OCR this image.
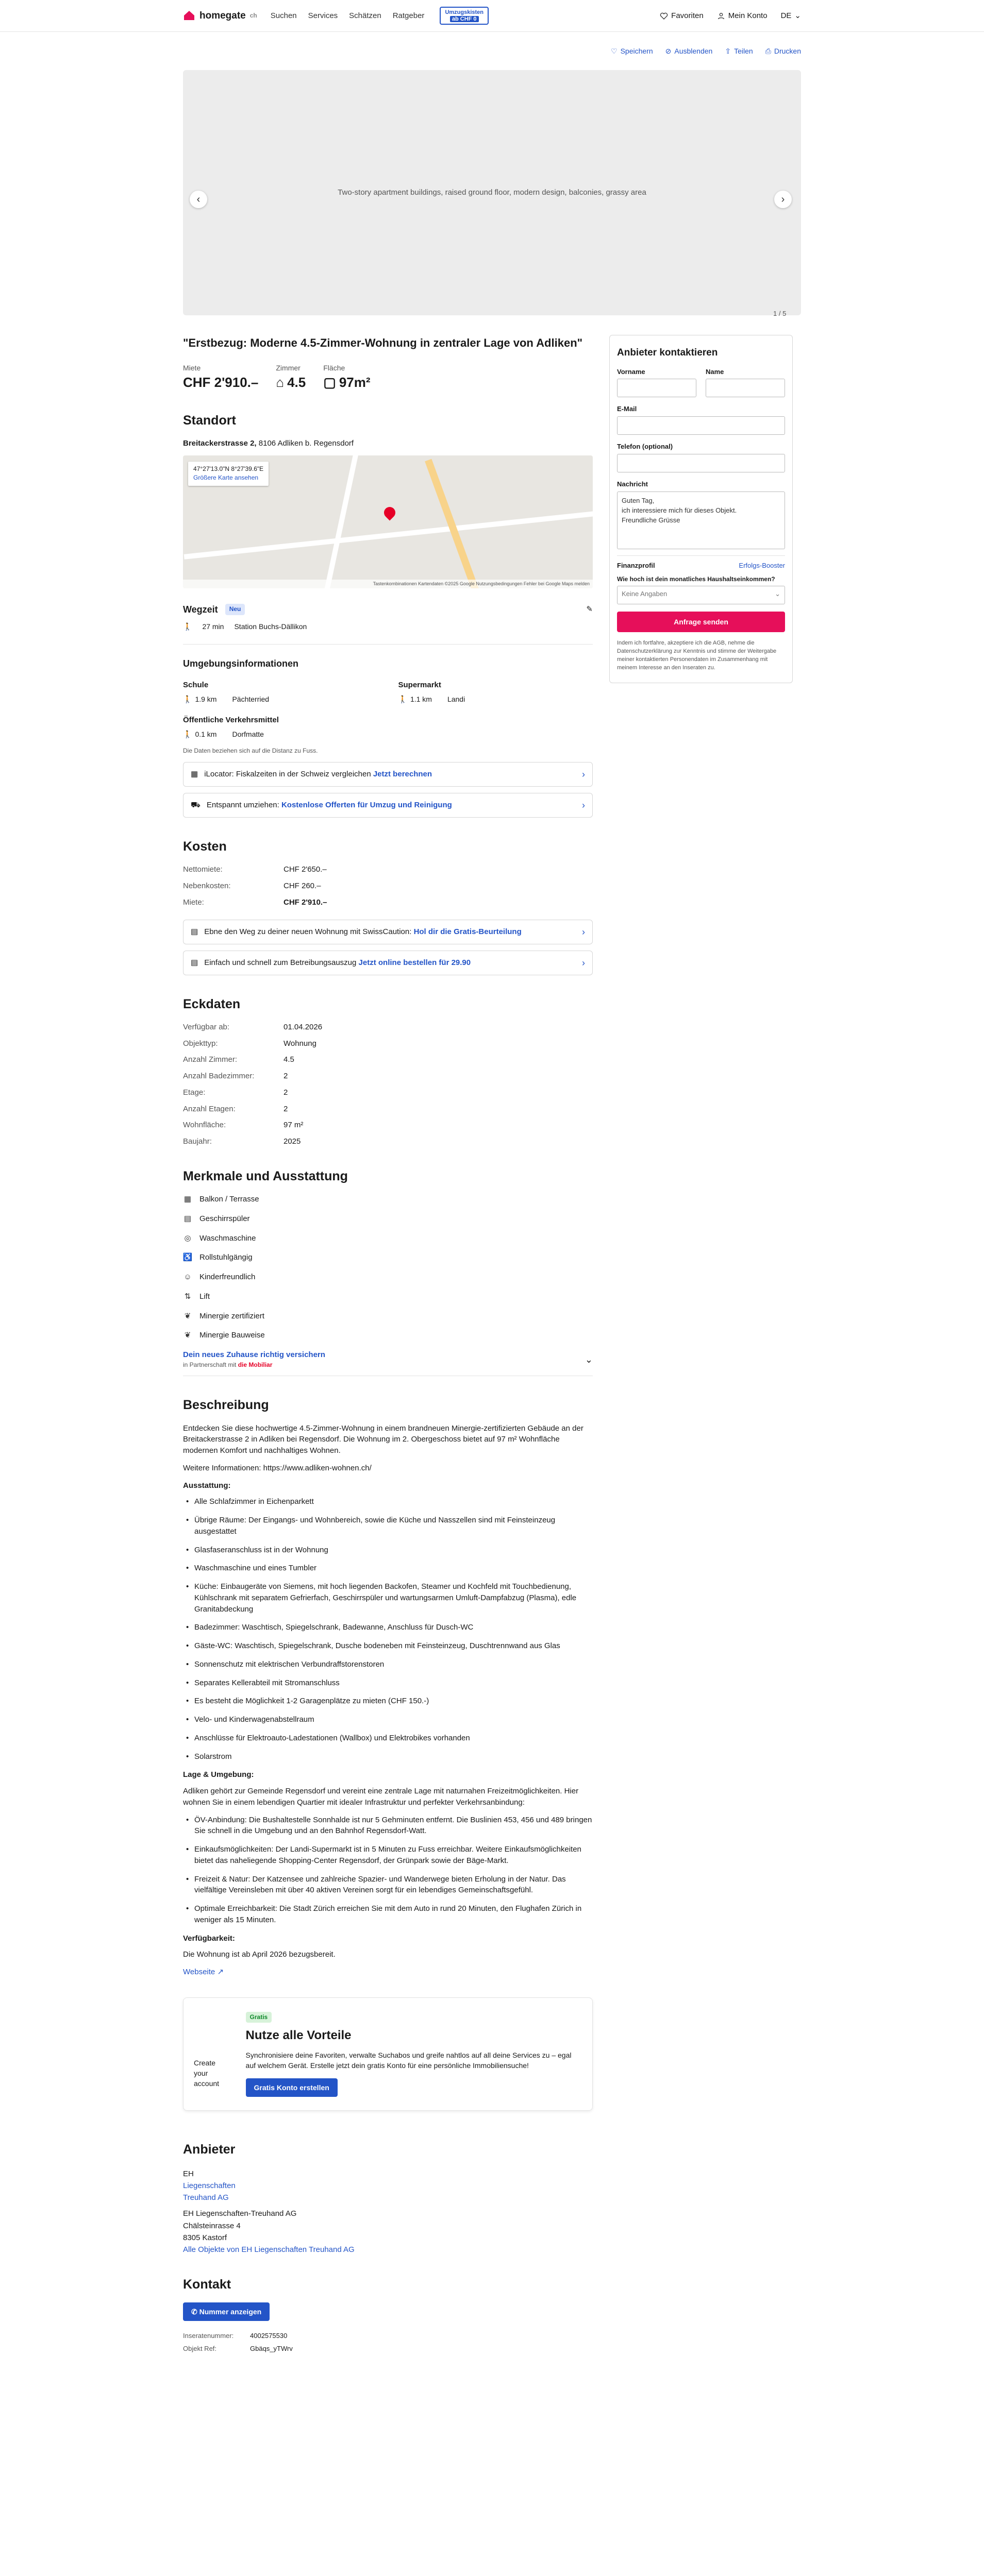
homegate ch Suchen Services Schätzen Ratgeber	Umzugskisten
ab CHF 0	Favoriten	Mein Konto DE ⌄
♡ Speichern ⊘ Ausblenden ⇪ Teilen ⎙ Drucken
Two-story apartment buildings, raised ground floor, modern design, balconies, grassy area
‹	›
1 / 5
"Erstbezug: Moderne 4.5-Zimmer-Wohnung in zentraler Lage von Adliken"
Miete
CHF 2'910.–
Zimmer
⌂ 4.5
Fläche
▢ 97m²
Standort
Breitackerstrasse 2, 8106 Adliken b. Regensdorf
47°27'13.0"N 8°27'39.6"E
Größere Karte ansehen
Tastenkombinationen Kartendaten ©2025 Google Nutzungsbedingungen Fehler bei Google Maps melden
Wegzeit	Neu	✎
🚶 27 min Station Buchs-Dällikon
Umgebungsinformationen
Schule
🚶 1.9 km Pächterried
Supermarkt
🚶 1.1 km Landi
Öffentliche Verkehrsmittel
🚶 0.1 km Dorfmatte
Die Daten beziehen sich auf die Distanz zu Fuss.
▦ iLocator: Fiskalzeiten in der Schweiz vergleichen Jetzt berechnen	›
⛟ Entspannt umziehen: Kostenlose Offerten für Umzug und Reinigung	›
Kosten
Nettomiete:	CHF 2'650.–
Nebenkosten:	CHF 260.–
Miete:	CHF 2'910.–
▤ Ebne den Weg zu deiner neuen Wohnung mit SwissCaution: Hol dir die Gratis-Beurteilung	›
▤ Einfach und schnell zum Betreibungsauszug Jetzt online bestellen für 29.90	›
Eckdaten
Verfügbar ab:	01.04.2026
Objekttyp:	Wohnung
Anzahl Zimmer:	4.5
Anzahl Badezimmer:	2
Etage:	2
Anzahl Etagen:	2
Wohnfläche:	97 m²
Baujahr:	2025
Merkmale und Ausstattung
▦ Balkon / Terrasse
▤ Geschirrspüler
◎ Waschmaschine
♿ Rollstuhlgängig
☺ Kinderfreundlich
⇅ Lift
❦ Minergie zertifiziert
❦ Minergie Bauweise
Dein neues Zuhause richtig versichern
in Partnerschaft mit die Mobiliar
⌄
Beschreibung

Entdecken Sie diese hochwertige 4.5-Zimmer-Wohnung in einem brandneuen Minergie-zertifizierten Gebäude an der Breitackerstrasse 2 in Adliken bei Regensdorf. Die Wohnung im 2. Obergeschoss bietet auf 97 m² Wohnfläche modernen Komfort und nachhaltiges Wohnen.

Weitere Informationen: https://www.adliken-wohnen.ch/

Ausstattung:
• Alle Schlafzimmer in Eichenparkett
• Übrige Räume: Der Eingangs- und Wohnbereich, sowie die Küche und Nasszellen sind mit Feinsteinzeug ausgestattet
• Glasfaseranschluss ist in der Wohnung
• Waschmaschine und eines Tumbler
• Küche: Einbaugeräte von Siemens, mit hoch liegenden Backofen, Steamer und Kochfeld mit Touchbedienung, Kühlschrank mit separatem Gefrierfach, Geschirrspüler und wartungsarmen Umluft-Dampfabzug (Plasma), edle Granitabdeckung
• Badezimmer: Waschtisch, Spiegelschrank, Badewanne, Anschluss für Dusch-WC
• Gäste-WC: Waschtisch, Spiegelschrank, Dusche bodeneben mit Feinsteinzeug, Duschtrennwand aus Glas
• Sonnenschutz mit elektrischen Verbundraffstorenstoren
• Separates Kellerabteil mit Stromanschluss
• Es besteht die Möglichkeit 1-2 Garagenplätze zu mieten (CHF 150.-)
• Velo- und Kinderwagenabstellraum
• Anschlüsse für Elektroauto-Ladestationen (Wallbox) und Elektrobikes vorhanden
• Solarstrom
Lage & Umgebung:

Adliken gehört zur Gemeinde Regensdorf und vereint eine zentrale Lage mit naturnahen Freizeitmöglichkeiten. Hier wohnen Sie in einem lebendigen Quartier mit idealer Infrastruktur und perfekter Verkehrsanbindung:

• ÖV-Anbindung: Die Bushaltestelle Sonnhalde ist nur 5 Gehminuten entfernt. Die Buslinien 453, 456 und 489 bringen Sie schnell in die Umgebung und an den Bahnhof Regensdorf-Watt.
• Einkaufsmöglichkeiten: Der Landi-Supermarkt ist in 5 Minuten zu Fuss erreichbar. Weitere Einkaufsmöglichkeiten bietet das naheliegende Shopping-Center Regensdorf, der Grünpark sowie der Bäge-Markt.
• Freizeit & Natur: Der Katzensee und zahlreiche Spazier- und Wanderwege bieten Erholung in der Natur. Das vielfältige Vereinsleben mit über 40 aktiven Vereinen sorgt für ein lebendiges Gemeinschaftsgefühl.
• Optimale Erreichbarkeit: Die Stadt Zürich erreichen Sie mit dem Auto in rund 20 Minuten, den Flughafen Zürich in weniger als 15 Minuten.
Verfügbarkeit:

Die Wohnung ist ab April 2026 bezugsbereit.

Webseite ↗
Create your account
Gratis
Nutze alle Vorteile

Synchronisiere deine Favoriten, verwalte Suchabos und greife nahtlos auf all deine Services zu – egal auf welchem Gerät. Erstelle jetzt dein gratis Konto für eine persönliche Immobiliensuche!

Gratis Konto erstellen
Anbieter
EH
Liegenschaften
Treuhand AG
EH Liegenschaften-Treuhand AG
Chälsteinrasse 4
8305 Kastorf
Alle Objekte von EH Liegenschaften Treuhand AG
Kontakt
✆ Nummer anzeigen
Inseratenummer:	4002575530
Objekt Ref:	Gbäqs_yTWrv
Anbieter kontaktieren
Vorname	Name
E-Mail
Telefon (optional)
Nachricht
Guten Tag,
ich interessiere mich für dieses Objekt.
Freundliche Grüsse
Finanzprofil	Erfolgs-Booster
Wie hoch ist dein monatliches Haushaltseinkommen?
Keine Angaben	⌄
Anfrage senden
Indem ich fortfahre, akzeptiere ich die AGB, nehme die Datenschutzerklärung zur Kenntnis und stimme der Weitergabe meiner kontaktierten Personendaten im Zusammenhang mit meinem Interesse an den Inseraten zu.
